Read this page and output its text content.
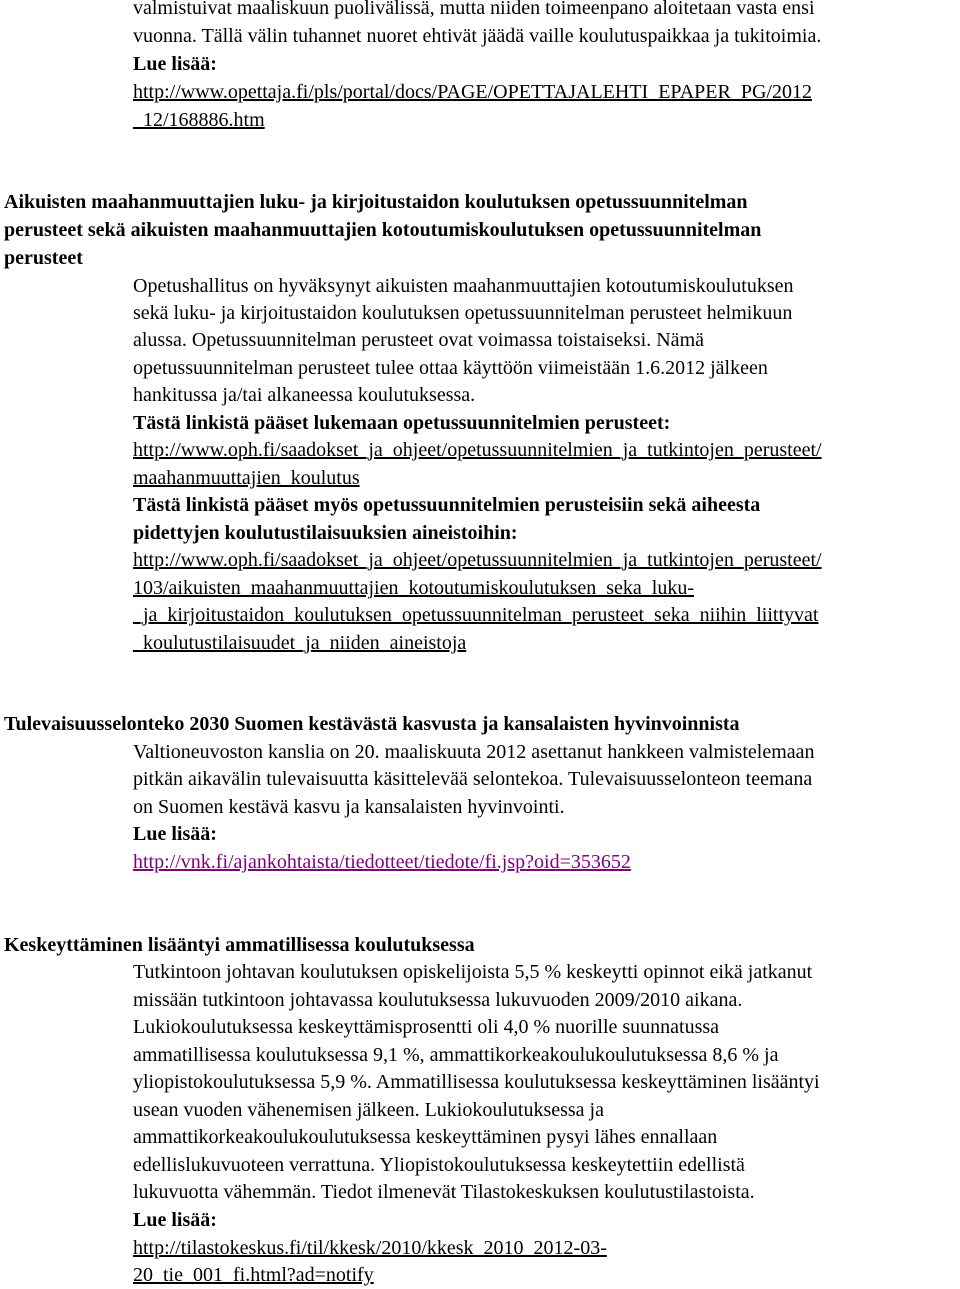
valmistuivat maaliskuun puolivälissä, mutta niiden toimeenpano aloitetaan vasta ensi
vuonna. Tällä välin tuhannet nuoret ehtivät jäädä vaille koulutuspaikkaa ja tukitoimia.
Lue lisää:
http://www.opettaja.fi/pls/portal/docs/PAGE/OPETTAJALEHTI_EPAPER_PG/2012
_12/168886.htm
Aikuisten maahanmuuttajien luku- ja kirjoitustaidon koulutuksen opetussuunnitelman
perusteet sekä aikuisten maahanmuuttajien kotoutumiskoulutuksen opetussuunnitelman
perusteet
Opetushallitus on hyväksynyt aikuisten maahanmuuttajien kotoutumiskoulutuksen
sekä luku- ja kirjoitustaidon koulutuksen opetussuunnitelman perusteet helmikuun
alussa. Opetussuunnitelman perusteet ovat voimassa toistaiseksi. Nämä
opetussuunnitelman perusteet tulee ottaa käyttöön viimeistään 1.6.2012 jälkeen
hankitussa ja/tai alkaneessa koulutuksessa.
Tästä linkistä pääset lukemaan opetussuunnitelmien perusteet:
http://www.oph.fi/saadokset_ja_ohjeet/opetussuunnitelmien_ja_tutkintojen_perusteet/
maahanmuuttajien_koulutus
Tästä linkistä pääset myös opetussuunnitelmien perusteisiin sekä aiheesta
pidettyjen koulutustilaisuuksien aineistoihin:
http://www.oph.fi/saadokset_ja_ohjeet/opetussuunnitelmien_ja_tutkintojen_perusteet/
103/aikuisten_maahanmuuttajien_kotoutumiskoulutuksen_seka_luku-
_ja_kirjoitustaidon_koulutuksen_opetussuunnitelman_perusteet_seka_niihin_liittyvat
_koulutustilaisuudet_ja_niiden_aineistoja
Tulevaisuusselonteko 2030 Suomen kestävästä kasvusta ja kansalaisten hyvinvoinnista
Valtioneuvoston kanslia on 20. maaliskuuta 2012 asettanut hankkeen valmistelemaan
pitkän aikavälin tulevaisuutta käsittelevää selontekoa. Tulevaisuusselonteon teemana
on Suomen kestävä kasvu ja kansalaisten hyvinvointi.
Lue lisää:
http://vnk.fi/ajankohtaista/tiedotteet/tiedote/fi.jsp?oid=353652
Keskeyttäminen lisääntyi ammatillisessa koulutuksessa
Tutkintoon johtavan koulutuksen opiskelijoista 5,5 % keskeytti opinnot eikä jatkanut
missään tutkintoon johtavassa koulutuksessa lukuvuoden 2009/2010 aikana.
Lukiokoulutuksessa keskeyttämisprosentti oli 4,0 % nuorille suunnatussa
ammatillisessa koulutuksessa 9,1 %, ammattikorkeakoulukoulutuksessa 8,6 % ja
yliopistokoulutuksessa 5,9 %. Ammatillisessa koulutuksessa keskeyttäminen lisääntyi
usean vuoden vähenemisen jälkeen. Lukiokoulutuksessa ja
ammattikorkeakoulukoulutuksessa keskeyttäminen pysyi lähes ennallaan
edellislukuvuoteen verrattuna. Yliopistokoulutuksessa keskeytettiin edellistä
lukuvuotta vähemmän. Tiedot ilmenevät Tilastokeskuksen koulutustilastoista.
Lue lisää:
http://tilastokeskus.fi/til/kkesk/2010/kkesk_2010_2012-03-
20_tie_001_fi.html?ad=notify
